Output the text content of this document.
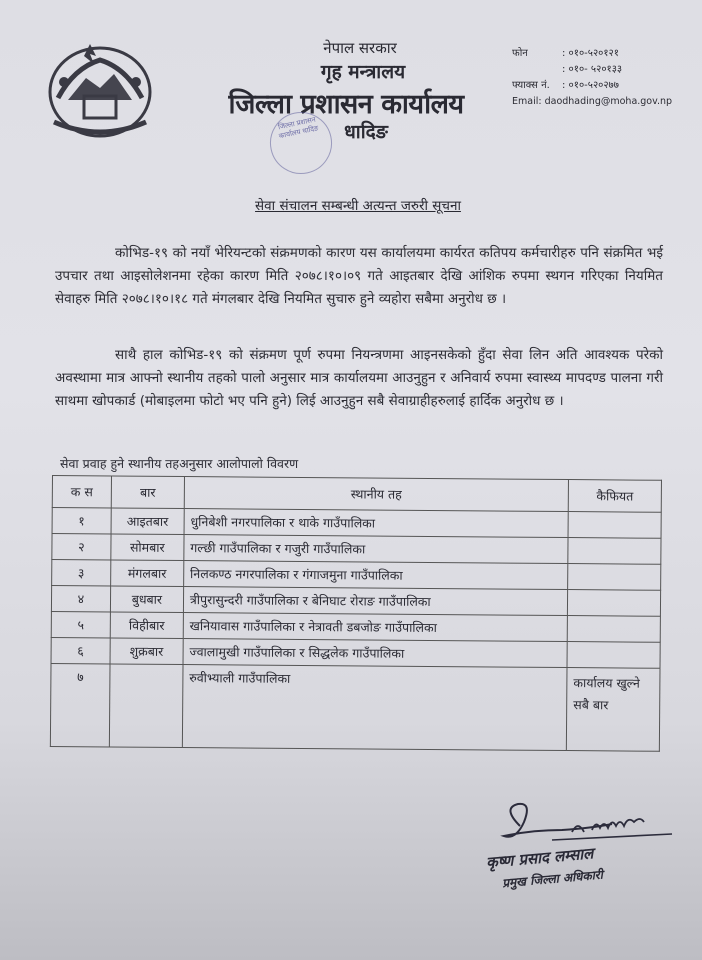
नेपाल सरकार
गृह मन्त्रालय
जिल्ला प्रशासन कार्यालय
धादिङ
जिल्ला प्रशासन कार्यालय धादिङ
फोन	: ०१०-५२०१२१
: ०१०- ५२०१३३
फ्याक्स नं.	: ०१०-५२०२७७
Email:
daodhading@moha.gov.np
सेवा संचालन सम्बन्धी अत्यन्त जरुरी सूचना
कोभिड-१९ को नयाँ भेरियन्टको संक्रमणको कारण यस कार्यालयमा कार्यरत कतिपय कर्मचारीहरु पनि संक्रमित भई उपचार तथा आइसोलेशनमा रहेका कारण मिति २०७८।१०।०९ गते आइतबार देखि आंशिक रुपमा स्थगन गरिएका नियमित सेवाहरु मिति २०७८।१०।१८ गते मंगलबार देखि नियमित सुचारु हुने व्यहोरा सबैमा अनुरोध छ ।
साथै हाल कोभिड-१९ को संक्रमण पूर्ण रुपमा नियन्त्रणमा आइनसकेको हुँदा सेवा लिन अति आवश्यक परेको अवस्थामा मात्र आफ्नो स्थानीय तहको पालो अनुसार मात्र कार्यालयमा आउनुहुन र अनिवार्य रुपमा स्वास्थ्य मापदण्ड पालना गरी साथमा खोपकार्ड (मोबाइलमा फोटो भए पनि हुने) लिई आउनुहुन सबै सेवाग्राहीहरुलाई हार्दिक अनुरोध छ ।
सेवा प्रवाह हुने स्थानीय तहअनुसार आलोपालो विवरण
क स	बार	स्थानीय तह	कैफियत
१	आइतबार	धुनिबेशी नगरपालिका र थाके गाउँपालिका	
२	सोमबार	गल्छी गाउँपालिका र गजुरी गाउँपालिका	
३	मंगलबार	निलकण्ठ नगरपालिका र गंगाजमुना गाउँपालिका	
४	बुधबार	त्रीपुरासुन्दरी गाउँपालिका र बेनिघाट रोराङ गाउँपालिका	
५	विहीबार	खनियावास गाउँपालिका र नेत्रावती डबजोङ गाउँपालिका	
६	शुक्रबार	ज्वालामुखी गाउँपालिका र सिद्धलेक गाउँपालिका	
७		रुवीभ्याली गाउँपालिका	कार्यालय खुल्ने सबै बार
कृष्ण प्रसाद लम्साल
प्रमुख जिल्ला अधिकारी
